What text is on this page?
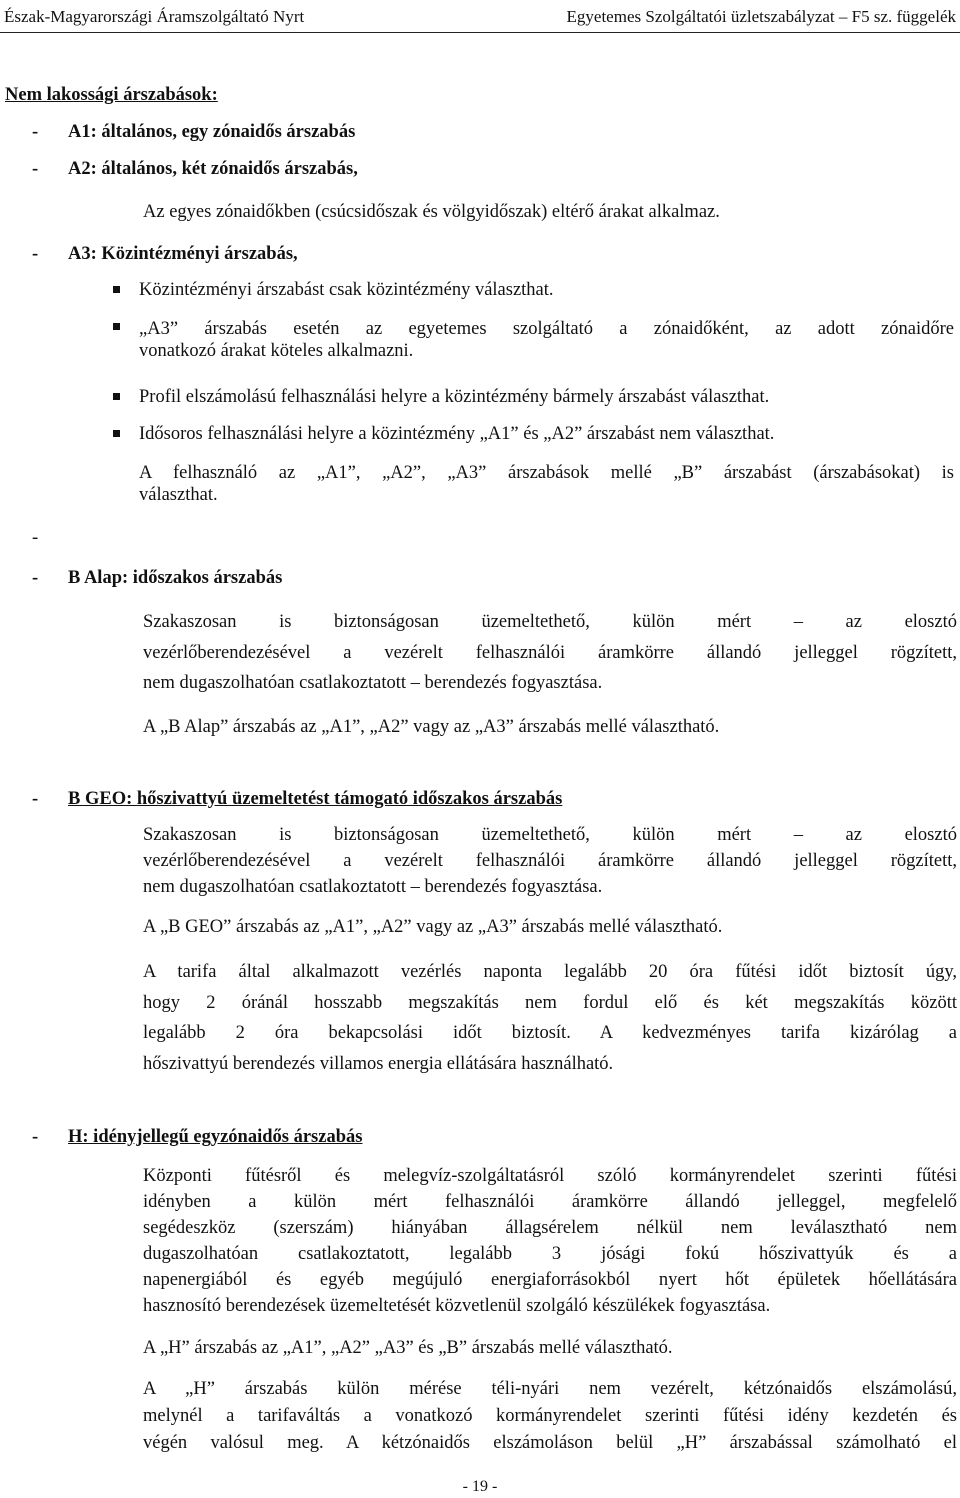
Észak-Magyarországi Áramszolgáltató Nyrt	Egyetemes Szolgáltatói üzletszabályzat – F5 sz. függelék
Nem lakossági árszabások:
- A1: általános, egy zónaidős árszabás
- A2: általános, két zónaidős árszabás,
Az egyes zónaidőkben (csúcsidőszak és völgyidőszak) eltérő árakat alkalmaz.
- A3: Közintézményi árszabás,
Közintézményi árszabást csak közintézmény választhat.
„A3” árszabás esetén az egyetemes szolgáltató a zónaidőként, az adott zónaidőre
vonatkozó árakat köteles alkalmazni.
Profil elszámolású felhasználási helyre a közintézmény bármely árszabást választhat.
Idősoros felhasználási helyre a közintézmény „A1” és „A2” árszabást nem választhat.
A felhasználó az „A1”, „A2”, „A3” árszabások mellé „B” árszabást (árszabásokat) is
választhat.
-
- B Alap: időszakos árszabás
Szakaszosan is biztonságosan üzemeltethető, külön mért – az elosztó
vezérlőberendezésével a vezérelt felhasználói áramkörre állandó jelleggel rögzített,
nem dugaszolhatóan csatlakoztatott – berendezés fogyasztása.
A „B Alap” árszabás az „A1”, „A2” vagy az „A3” árszabás mellé választható.
- B GEO: hőszivattyú üzemeltetést támogató időszakos árszabás
Szakaszosan is biztonságosan üzemeltethető, külön mért – az elosztó
vezérlőberendezésével a vezérelt felhasználói áramkörre állandó jelleggel rögzített,
nem dugaszolhatóan csatlakoztatott – berendezés fogyasztása.
A „B GEO” árszabás az „A1”, „A2” vagy az „A3” árszabás mellé választható.
A tarifa által alkalmazott vezérlés naponta legalább 20 óra fűtési időt biztosít úgy,
hogy 2 óránál hosszabb megszakítás nem fordul elő és két megszakítás között
legalább 2 óra bekapcsolási időt biztosít. A kedvezményes tarifa kizárólag a
hőszivattyú berendezés villamos energia ellátására használható.
- H: idényjellegű egyzónaidős árszabás
Központi fűtésről és melegvíz-szolgáltatásról szóló kormányrendelet szerinti fűtési
idényben a külön mért felhasználói áramkörre állandó jelleggel, megfelelő
segédeszköz (szerszám) hiányában állagsérelem nélkül nem leválasztható nem
dugaszolhatóan csatlakoztatott, legalább 3 jósági fokú hőszivattyúk és a
napenergiából és egyéb megújuló energiaforrásokból nyert hőt épületek hőellátására
hasznosító berendezések üzemeltetését közvetlenül szolgáló készülékek fogyasztása.
A „H” árszabás az „A1”, „A2” „A3” és „B” árszabás mellé választható.
A „H” árszabás külön mérése téli-nyári nem vezérelt, kétzónaidős elszámolású,
melynél a tarifaváltás a vonatkozó kormányrendelet szerinti fűtési idény kezdetén és
végén valósul meg. A kétzónaidős elszámoláson belül „H” árszabással számolható el
- 19 -
